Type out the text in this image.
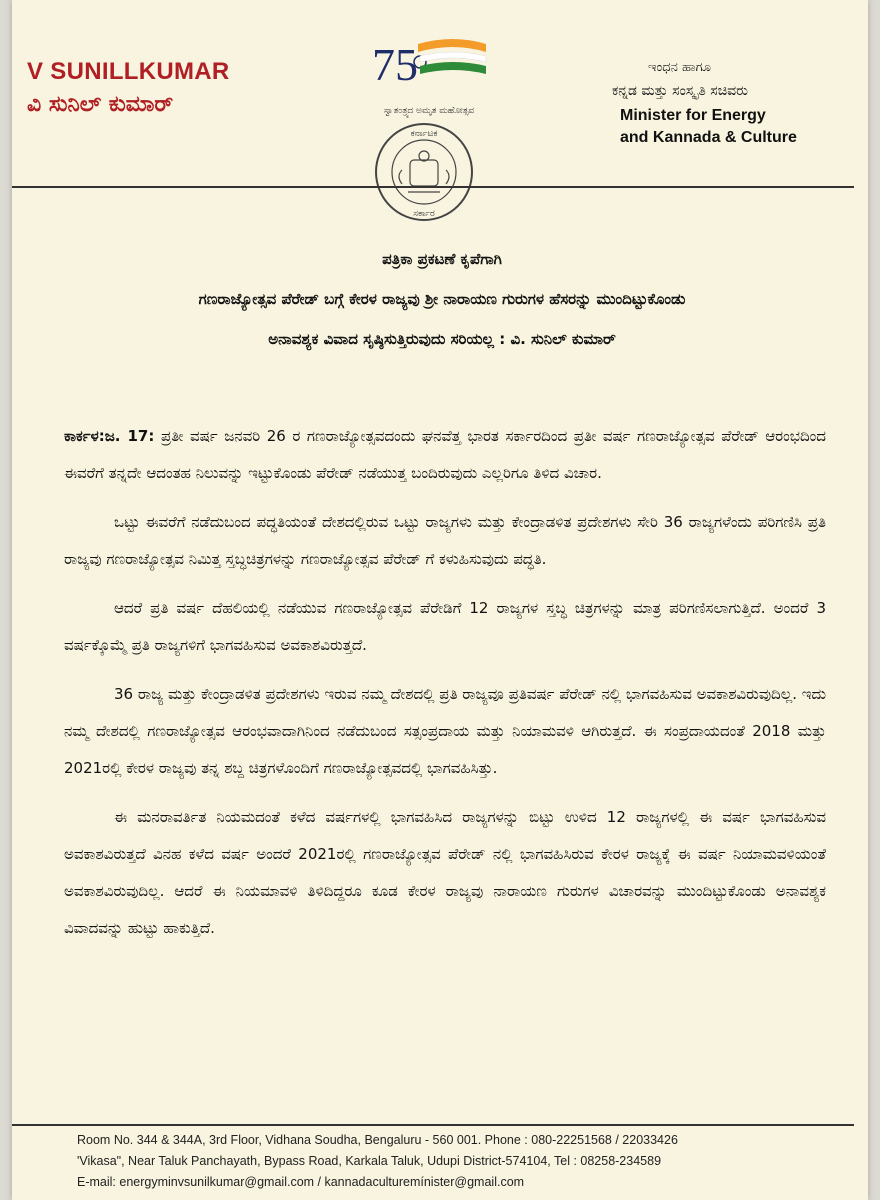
V SUNILLKUMAR
ವಿ ಸುನಿಲ್ ಕುಮಾರ್
75
ಸ್ವಾತಂತ್ರ್ಯದ ಅಮೃತ ಮಹೋತ್ಸವ
ಕರ್ನಾಟಕ
ಸರ್ಕಾರ
ಇಂಧನ ಹಾಗೂ
ಕನ್ನಡ ಮತ್ತು ಸಂಸ್ಕೃತಿ ಸಚಿವರು
Minister for Energy
and Kannada & Culture
ಪತ್ರಿಕಾ ಪ್ರಕಟಣೆ ಕೃಪೆಗಾಗಿ
ಗಣರಾಜ್ಯೋತ್ಸವ ಪೆರೇಡ್ ಬಗ್ಗೆ ಕೇರಳ ರಾಜ್ಯವು ಶ್ರೀ ನಾರಾಯಣ ಗುರುಗಳ ಹೆಸರನ್ನು ಮುಂದಿಟ್ಟುಕೊಂಡು
ಅನಾವಶ್ಯಕ ವಿವಾದ ಸೃಷ್ಠಿಸುತ್ತಿರುವುದು ಸರಿಯಲ್ಲ : ವಿ. ಸುನಿಲ್ ಕುಮಾರ್

ಕಾರ್ಕಳ:ಜ. 17: ಪ್ರತೀ ವರ್ಷ ಜನವರಿ 26 ರ ಗಣರಾಜ್ಯೋತ್ಸವದಂದು ಘನವೆತ್ತ ಭಾರತ ಸರ್ಕಾರದಿಂದ ಪ್ರತೀ ವರ್ಷ ಗಣರಾಜ್ಯೋತ್ಸವ ಪೆರೇಡ್ ಆರಂಭದಿಂದ ಈವರೆಗೆ ತನ್ನದೇ ಆದಂತಹ ನಿಲುವನ್ನು ಇಟ್ಟುಕೊಂಡು ಪೆರೇಡ್ ನಡೆಯುತ್ತ ಬಂದಿರುವುದು ಎಲ್ಲರಿಗೂ ತಿಳಿದ ವಿಚಾರ.

ಒಟ್ಟು ಈವರೆಗೆ ನಡೆದುಬಂದ ಪದ್ಧತಿಯಂತೆ ದೇಶದಲ್ಲಿರುವ ಒಟ್ಟು ರಾಜ್ಯಗಳು ಮತ್ತು ಕೇಂದ್ರಾಡಳಿತ ಪ್ರದೇಶಗಳು ಸೇರಿ 36 ರಾಜ್ಯಗಳೆಂದು ಪರಿಗಣಿಸಿ ಪ್ರತಿ ರಾಜ್ಯವು ಗಣರಾಜ್ಯೋತ್ಸವ ನಿಮಿತ್ತ ಸ್ತಬ್ಧಚಿತ್ರಗಳನ್ನು ಗಣರಾಜ್ಯೋತ್ಸವ ಪೆರೇಡ್ ಗೆ ಕಳುಹಿಸುವುದು ಪದ್ಧತಿ.

ಆದರೆ ಪ್ರತಿ ವರ್ಷ ದೆಹಲಿಯಲ್ಲಿ ನಡೆಯುವ ಗಣರಾಜ್ಯೋತ್ಸವ ಪೆರೇಡಿಗೆ 12 ರಾಜ್ಯಗಳ ಸ್ತಬ್ಧ ಚಿತ್ರಗಳನ್ನು ಮಾತ್ರ ಪರಿಗಣಿಸಲಾಗುತ್ತಿದೆ. ಅಂದರೆ 3 ವರ್ಷಕ್ಕೊಮ್ಮೆ ಪ್ರತಿ ರಾಜ್ಯಗಳಿಗೆ ಭಾಗವಹಿಸುವ ಅವಕಾಶವಿರುತ್ತದೆ.

36 ರಾಜ್ಯ ಮತ್ತು ಕೇಂದ್ರಾಡಳಿತ ಪ್ರದೇಶಗಳು ಇರುವ ನಮ್ಮ ದೇಶದಲ್ಲಿ ಪ್ರತಿ ರಾಜ್ಯವೂ ಪ್ರತಿವರ್ಷ ಪೆರೇಡ್ ನಲ್ಲಿ ಭಾಗವಹಿಸುವ ಅವಕಾಶವಿರುವುದಿಲ್ಲ. ಇದು ನಮ್ಮ ದೇಶದಲ್ಲಿ ಗಣರಾಜ್ಯೋತ್ಸವ ಆರಂಭವಾದಾಗಿನಿಂದ ನಡೆದುಬಂದ ಸತ್ಸಂಪ್ರದಾಯ ಮತ್ತು ನಿಯಾಮವಳಿ ಆಗಿರುತ್ತದೆ. ಈ ಸಂಪ್ರದಾಯದಂತೆ 2018 ಮತ್ತು 2021ರಲ್ಲಿ ಕೇರಳ ರಾಜ್ಯವು ತನ್ನ ಶಬ್ದ ಚಿತ್ರಗಳೊಂದಿಗೆ ಗಣರಾಜ್ಯೋತ್ಸವದಲ್ಲಿ ಭಾಗವಹಿಸಿತ್ತು.

ಈ ಮನರಾವರ್ತಿತ ನಿಯಮದಂತೆ ಕಳೆದ ವರ್ಷಗಳಲ್ಲಿ ಭಾಗವಹಿಸಿದ ರಾಜ್ಯಗಳನ್ನು ಬಿಟ್ಟು ಉಳಿದ 12 ರಾಜ್ಯಗಳಲ್ಲಿ ಈ ವರ್ಷ ಭಾಗವಹಿಸುವ ಅವಕಾಶವಿರುತ್ತದೆ ವಿನಹ ಕಳೆದ ವರ್ಷ ಅಂದರೆ 2021ರಲ್ಲಿ ಗಣರಾಜ್ಯೋತ್ಸವ ಪೆರೇಡ್ ನಲ್ಲಿ ಭಾಗವಹಿಸಿರುವ ಕೇರಳ ರಾಜ್ಯಕ್ಕೆ ಈ ವರ್ಷ ನಿಯಾಮವಳಿಯಂತೆ ಅವಕಾಶವಿರುವುದಿಲ್ಲ. ಆದರೆ ಈ ನಿಯಮಾವಳಿ ತಿಳಿದಿದ್ದರೂ ಕೂಡ ಕೇರಳ ರಾಜ್ಯವು ನಾರಾಯಣ ಗುರುಗಳ ವಿಚಾರವನ್ನು ಮುಂದಿಟ್ಟುಕೊಂಡು ಅನಾವಶ್ಯಕ ವಿವಾದವನ್ನು ಹುಟ್ಟು ಹಾಕುತ್ತಿದೆ.

Room No. 344 & 344A, 3rd Floor, Vidhana Soudha, Bengaluru - 560 001. Phone : 080-22251568 / 22033426
'Vikasa", Near Taluk Panchayath, Bypass Road, Karkala Taluk, Udupi District-574104, Tel : 08258-234589
E-mail: energyminvsunilkumar@gmail.com / kannadaculturemínister@gmail.com
